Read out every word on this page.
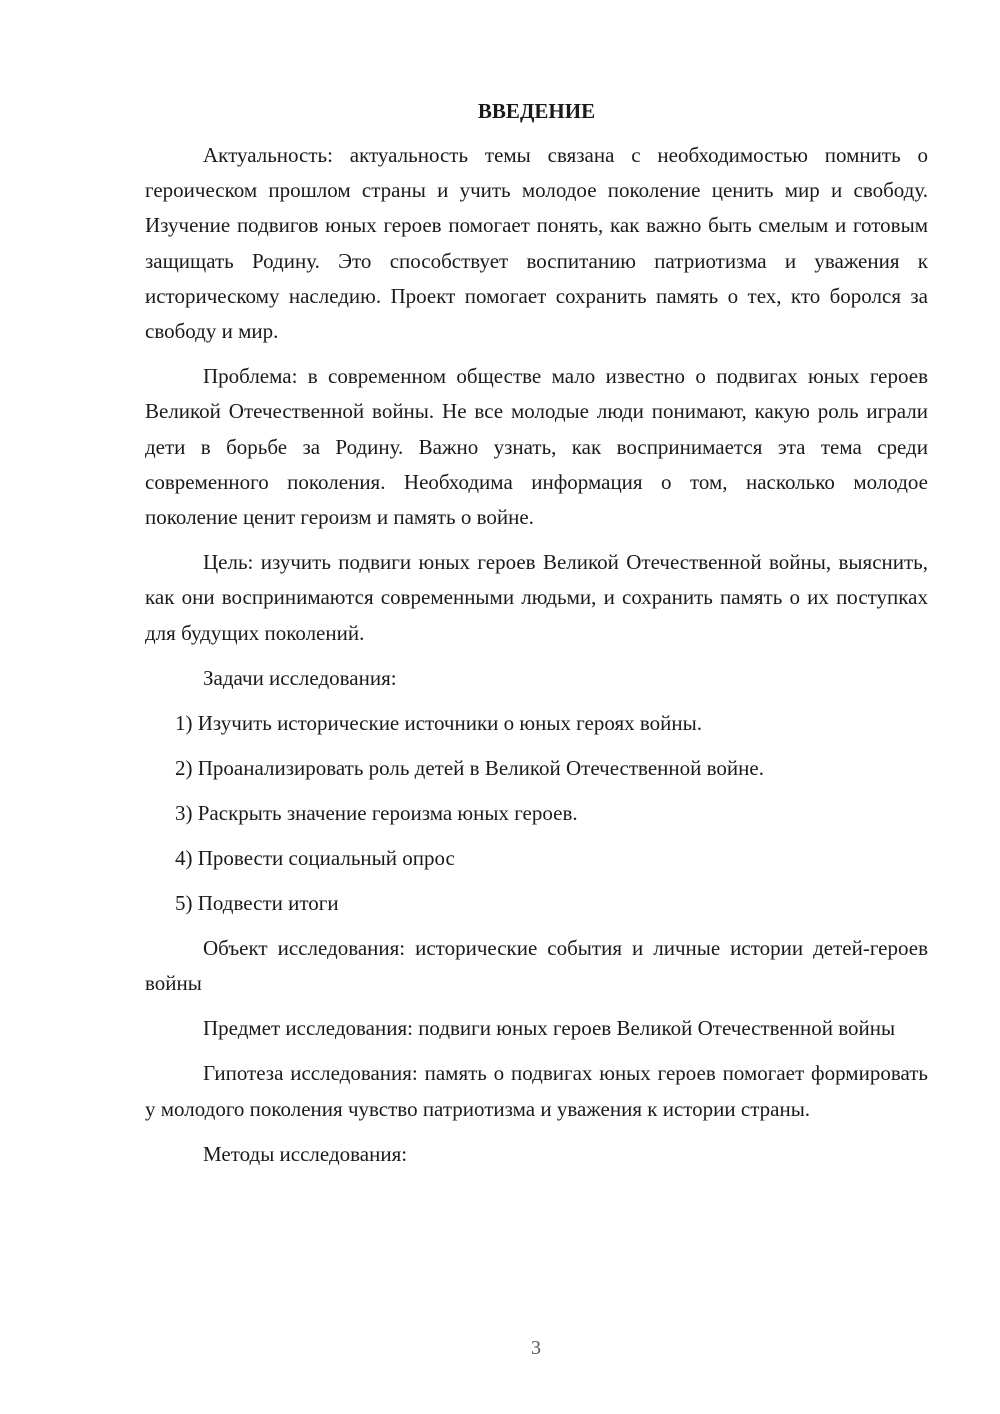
ВВЕДЕНИЕ

Актуальность: актуальность темы связана с необходимостью помнить о героическом прошлом страны и учить молодое поколение ценить мир и свободу. Изучение подвигов юных героев помогает понять, как важно быть смелым и готовым защищать Родину. Это способствует воспитанию патриотизма и уважения к историческому наследию. Проект помогает сохранить память о тех, кто боролся за свободу и мир.

Проблема: в современном обществе мало известно о подвигах юных героев Великой Отечественной войны. Не все молодые люди понимают, какую роль играли дети в борьбе за Родину. Важно узнать, как воспринимается эта тема среди современного поколения. Необходима информация о том, насколько молодое поколение ценит героизм и память о войне.

Цель: изучить подвиги юных героев Великой Отечественной войны, выяснить, как они воспринимаются современными людьми, и сохранить память о их поступках для будущих поколений.

Задачи исследования:

1) Изучить исторические источники о юных героях войны.

2) Проанализировать роль детей в Великой Отечественной войне.

3) Раскрыть значение героизма юных героев.

4) Провести социальный опрос

5) Подвести итоги

Объект исследования: исторические события и личные истории детей-героев войны

Предмет исследования: подвиги юных героев Великой Отечественной войны

Гипотеза исследования: память о подвигах юных героев помогает формировать у молодого поколения чувство патриотизма и уважения к истории страны.

Методы исследования:

3
